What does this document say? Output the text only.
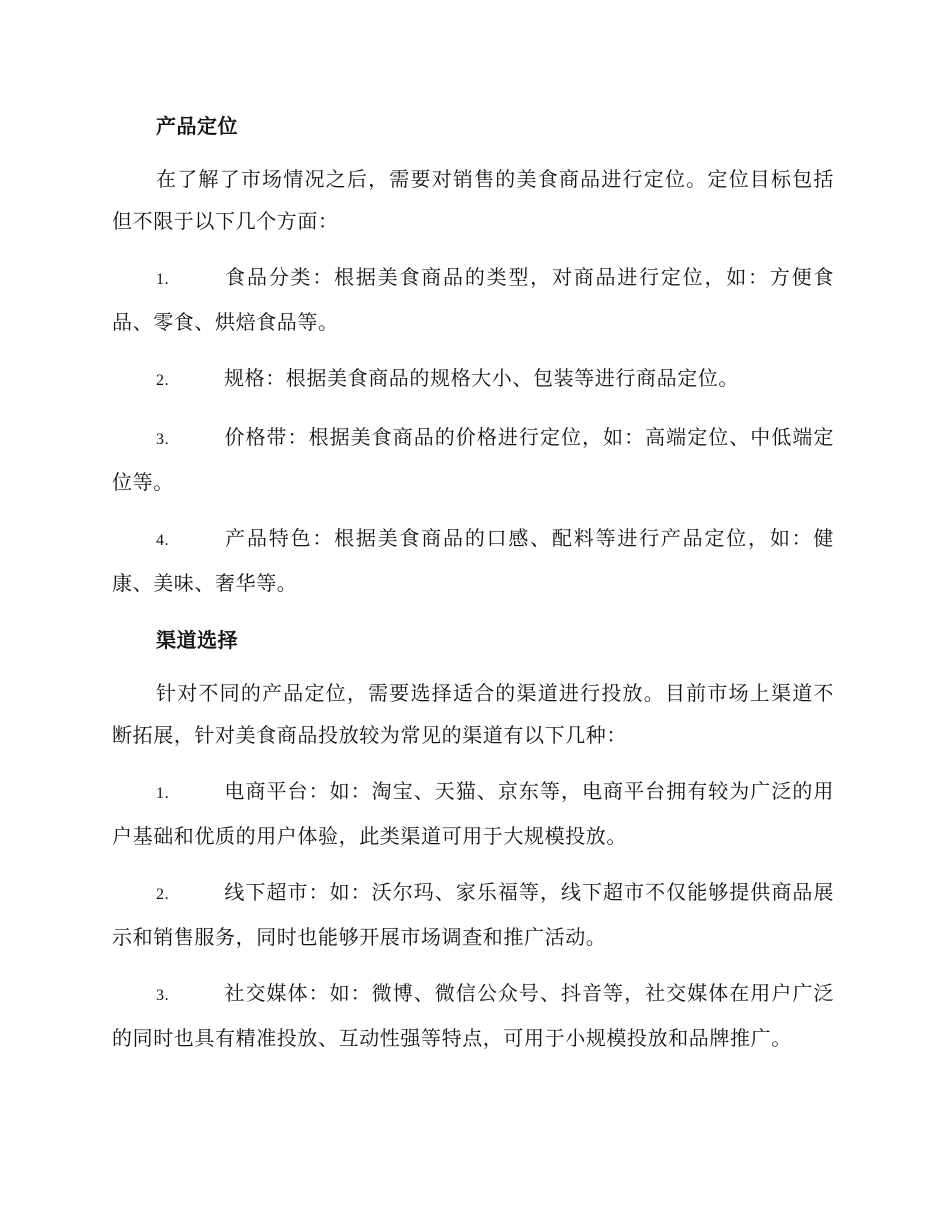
产品定位

在了解了市场情况之后，需要对销售的美食商品进行定位。定位目标包括但不限于以下几个方面：

1.	食品分类：根据美食商品的类型，对商品进行定位，如：方便食品、零食、烘焙食品等。

2.	规格：根据美食商品的规格大小、包装等进行商品定位。

3.	价格带：根据美食商品的价格进行定位，如：高端定位、中低端定位等。

4.	产品特色：根据美食商品的口感、配料等进行产品定位，如：健康、美味、奢华等。

渠道选择

针对不同的产品定位，需要选择适合的渠道进行投放。目前市场上渠道不断拓展，针对美食商品投放较为常见的渠道有以下几种：

1.	电商平台：如：淘宝、天猫、京东等，电商平台拥有较为广泛的用户基础和优质的用户体验，此类渠道可用于大规模投放。

2.	线下超市：如：沃尔玛、家乐福等，线下超市不仅能够提供商品展示和销售服务，同时也能够开展市场调查和推广活动。

3.	社交媒体：如：微博、微信公众号、抖音等，社交媒体在用户广泛的同时也具有精准投放、互动性强等特点，可用于小规模投放和品牌推广。
